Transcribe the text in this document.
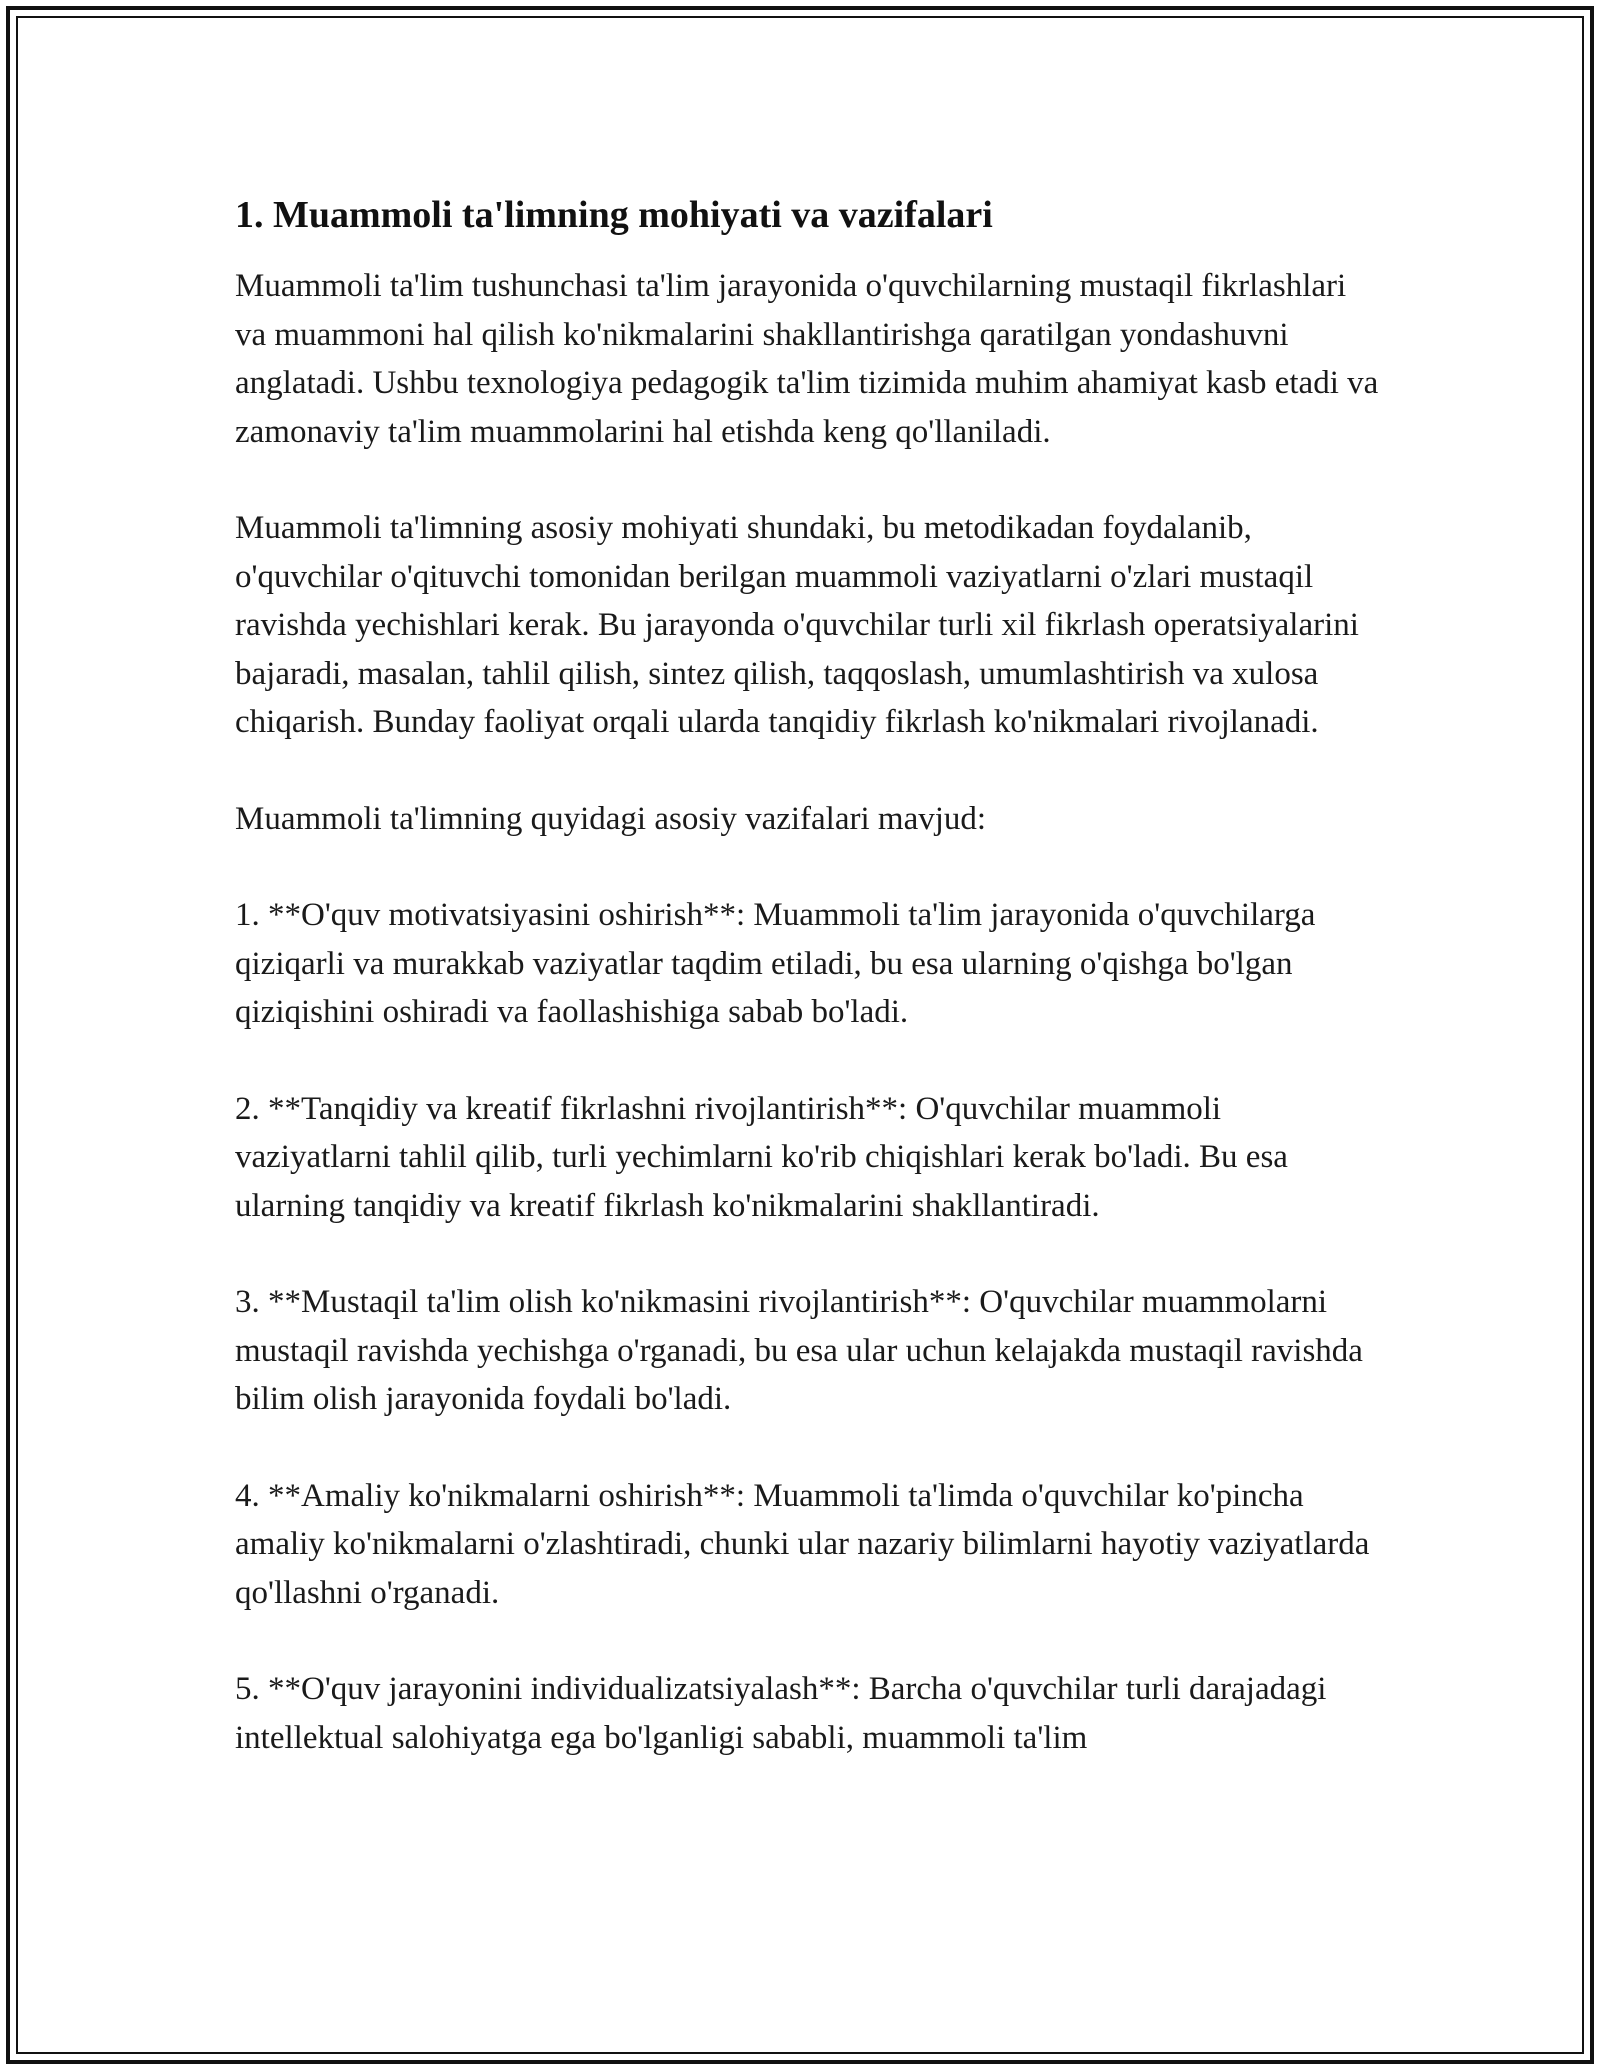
1. Muammoli ta'limning mohiyati va vazifalari

Muammoli ta'lim tushunchasi ta'lim jarayonida o'quvchilarning mustaqil fikrlashlari va muammoni hal qilish ko'nikmalarini shakllantirishga qaratilgan yondashuvni anglatadi. Ushbu texnologiya pedagogik ta'lim tizimida muhim ahamiyat kasb etadi va zamonaviy ta'lim muammolarini hal etishda keng qo'llaniladi.

Muammoli ta'limning asosiy mohiyati shundaki, bu metodikadan foydalanib, o'quvchilar o'qituvchi tomonidan berilgan muammoli vaziyatlarni o'zlari mustaqil ravishda yechishlari kerak. Bu jarayonda o'quvchilar turli xil fikrlash operatsiyalarini bajaradi, masalan, tahlil qilish, sintez qilish, taqqoslash, umumlashtirish va xulosa chiqarish. Bunday faoliyat orqali ularda tanqidiy fikrlash ko'nikmalari rivojlanadi.

Muammoli ta'limning quyidagi asosiy vazifalari mavjud:

1. **O'quv motivatsiyasini oshirish**: Muammoli ta'lim jarayonida o'quvchilarga qiziqarli va murakkab vaziyatlar taqdim etiladi, bu esa ularning o'qishga bo'lgan qiziqishini oshiradi va faollashishiga sabab bo'ladi.

2. **Tanqidiy va kreatif fikrlashni rivojlantirish**: O'quvchilar muammoli vaziyatlarni tahlil qilib, turli yechimlarni ko'rib chiqishlari kerak bo'ladi. Bu esa ularning tanqidiy va kreatif fikrlash ko'nikmalarini shakllantiradi.

3. **Mustaqil ta'lim olish ko'nikmasini rivojlantirish**: O'quvchilar muammolarni mustaqil ravishda yechishga o'rganadi, bu esa ular uchun kelajakda mustaqil ravishda bilim olish jarayonida foydali bo'ladi.

4. **Amaliy ko'nikmalarni oshirish**: Muammoli ta'limda o'quvchilar ko'pincha amaliy ko'nikmalarni o'zlashtiradi, chunki ular nazariy bilimlarni hayotiy vaziyatlarda qo'llashni o'rganadi.

5. **O'quv jarayonini individualizatsiyalash**: Barcha o'quvchilar turli darajadagi intellektual salohiyatga ega bo'lganligi sababli, muammoli ta'lim
